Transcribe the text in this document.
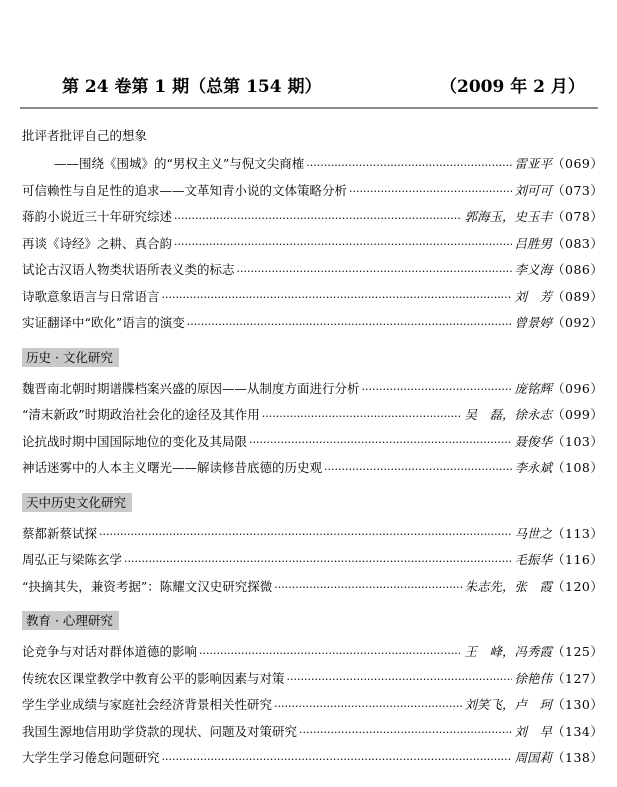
第 24 卷第 1 期（总第 154 期）	（2009 年 2 月）
批评者批评自己的想象
——围绕《围城》的“男权主义”与倪文尖商榷 ·····	雷亚平	（ 069 ）
可信赖性与自足性的追求——文革知青小说的文体策略分析 ·····	刘可可	（ 073 ）
蒋韵小说近三十年研究综述 ·····	郭海玉，史玉丰	（ 078 ）
再谈《诗经》之耕、真合韵 ·····	吕胜男	（ 083 ）
试论古汉语人物类状语所表义类的标志 ·····	李义海	（ 086 ）
诗歌意象语言与日常语言 ·····	刘　芳	（ 089 ）
实证翻译中“欧化”语言的演变 ·····	曾景婷	（ 092 ）
历史 · 文化研究
魏晋南北朝时期谱牒档案兴盛的原因——从制度方面进行分析 ·····	庞铭辉	（ 096 ）
“清末新政”时期政治社会化的途径及其作用 ·····	吴　磊，徐永志	（ 099 ）
论抗战时期中国国际地位的变化及其局限 ·····	聂俊华	（ 103 ）
神话迷雾中的人本主义曙光——解读修昔底德的历史观 ·····	李永斌	（ 108 ）
天中历史文化研究
蔡都新蔡试探 ·····	马世之	（ 113 ）
周弘正与梁陈玄学 ·····	毛振华	（ 116 ）
“抉摘其失，兼资考据”：陈耀文汉史研究探微 ·····	朱志先，张　霞	（ 120 ）
教育 · 心理研究
论竞争与对话对群体道德的影响 ·····	王　峰，冯秀霞	（ 125 ）
传统农区课堂教学中教育公平的影响因素与对策 ·····	徐艳伟	（ 127 ）
学生学业成绩与家庭社会经济背景相关性研究 ·····	刘笑飞，卢　珂	（ 130 ）
我国生源地信用助学贷款的现状、问题及对策研究 ·····	刘　早	（ 134 ）
大学生学习倦怠问题研究 ·····	周国莉	（ 138 ）
